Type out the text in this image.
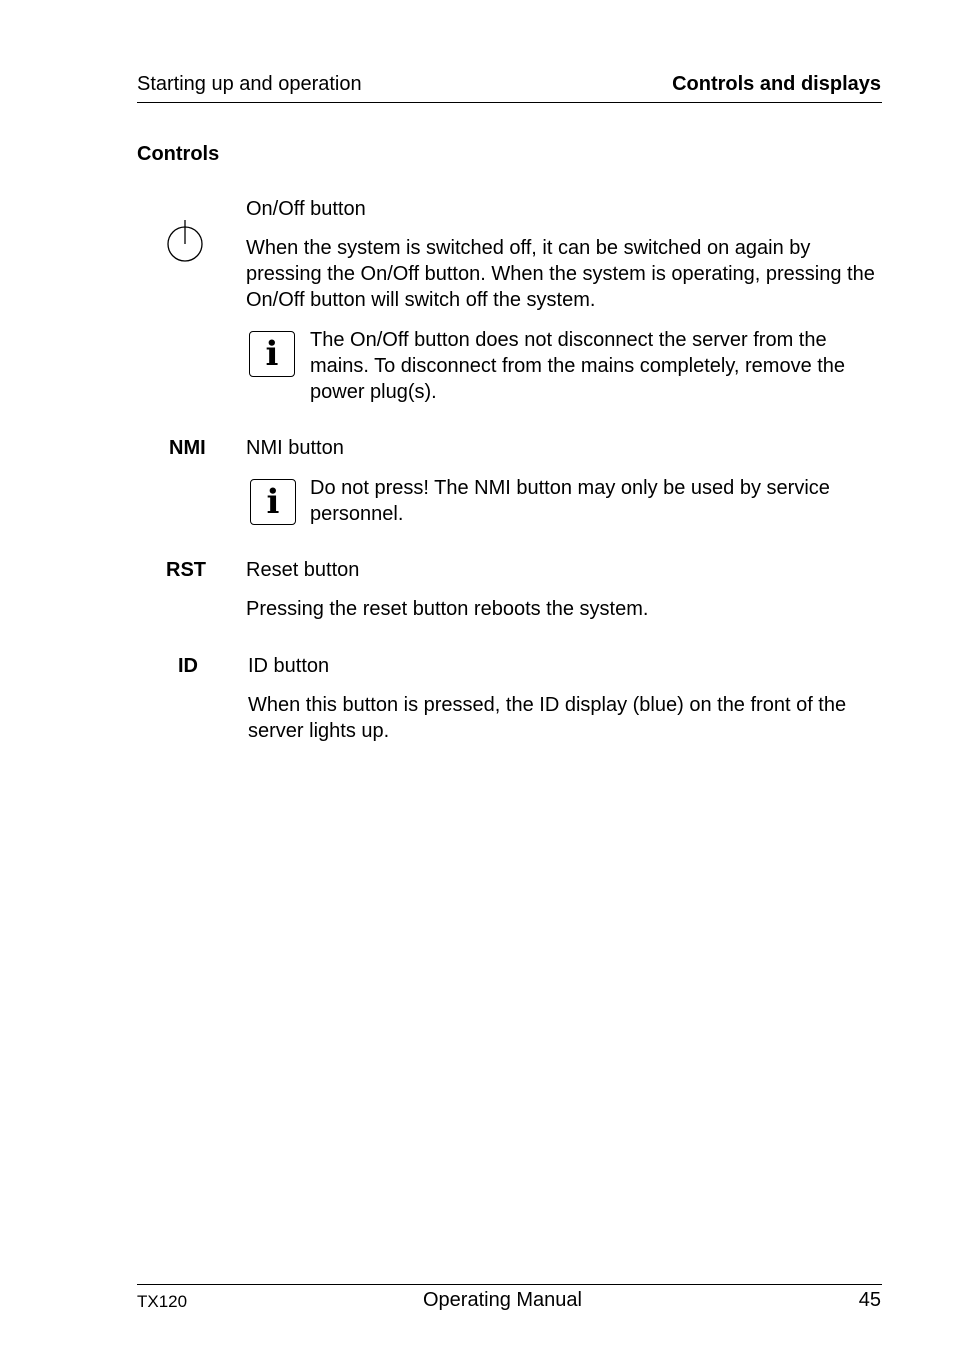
Starting up and operation	Controls and displays
Controls
On/Off button
When the system is switched off, it can be switched on again by pressing the On/Off button. When the system is operating, pressing the On/Off button will switch off the system.
i The On/Off button does not disconnect the server from the mains. To disconnect from the mains completely, remove the power plug(s).
NMI NMI button
i Do not press! The NMI button may only be used by service personnel.
RST Reset button
Pressing the reset button reboots the system.
ID	ID button
When this button is pressed, the ID display (blue) on the front of the server lights up.
TX120	Operating Manual	45
